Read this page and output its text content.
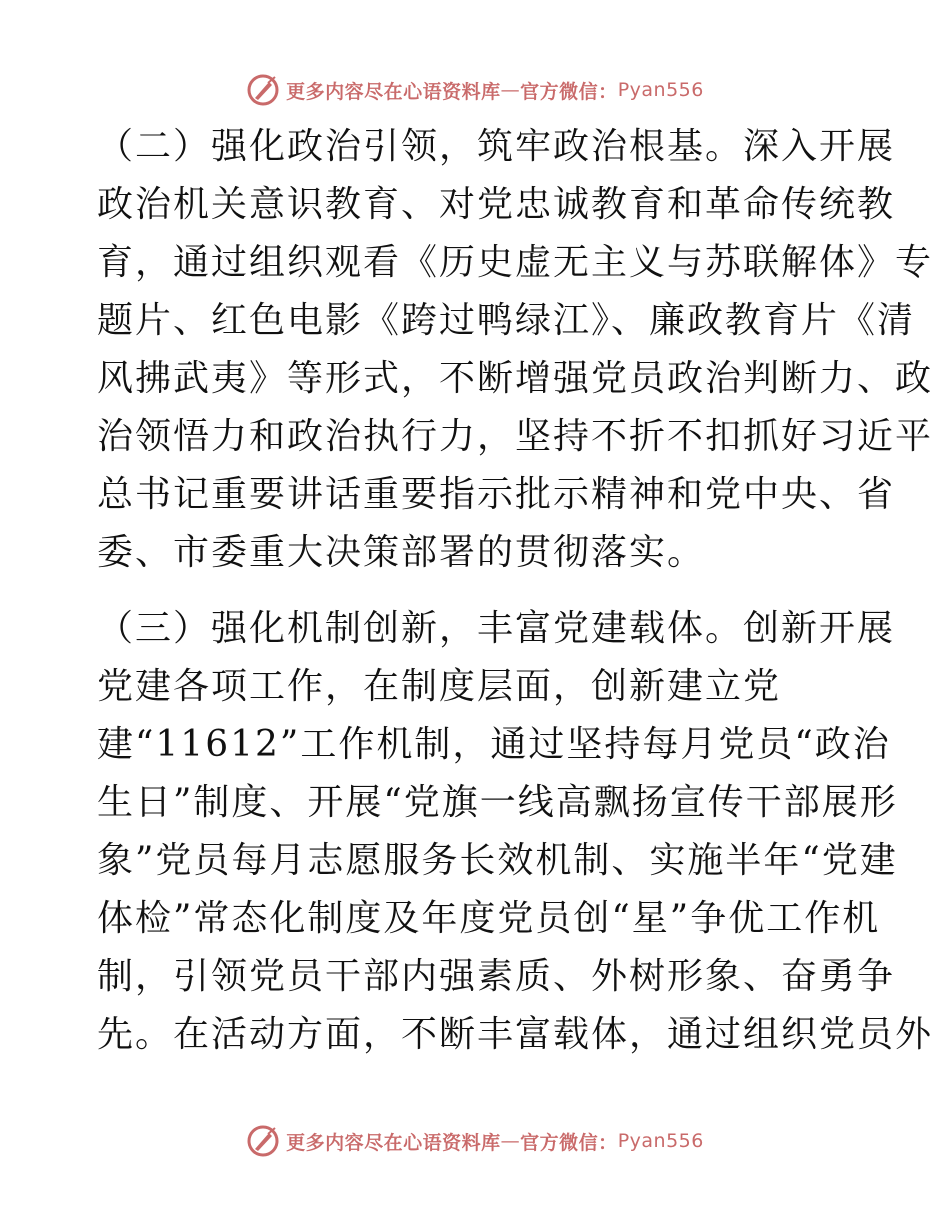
更多内容尽在心语资料库 — 官方微信： Pyan556
（二）强化政治引领，筑牢政治根基。深入开展
政治机关意识教育、对党忠诚教育和革命传统教
育，通过组织观看《历史虚无主义与苏联解体》专
题片、红色电影《跨过鸭绿江》、廉政教育片《清
风拂武夷》等形式，不断增强党员政治判断力、政
治领悟力和政治执行力，坚持不折不扣抓好习近平
总书记重要讲话重要指示批示精神和党中央、省
委、市委重大决策部署的贯彻落实。
（三）强化机制创新，丰富党建载体。创新开展
党建各项工作，在制度层面，创新建立党
建“11612”工作机制，通过坚持每月党员“政治
生日”制度、开展“党旗一线高飘扬宣传干部展形
象”党员每月志愿服务长效机制、实施半年“党建
体检”常态化制度及年度党员创“星”争优工作机
制，引领党员干部内强素质、外树形象、奋勇争
先。在活动方面，不断丰富载体，通过组织党员外
更多内容尽在心语资料库 — 官方微信： Pyan556
